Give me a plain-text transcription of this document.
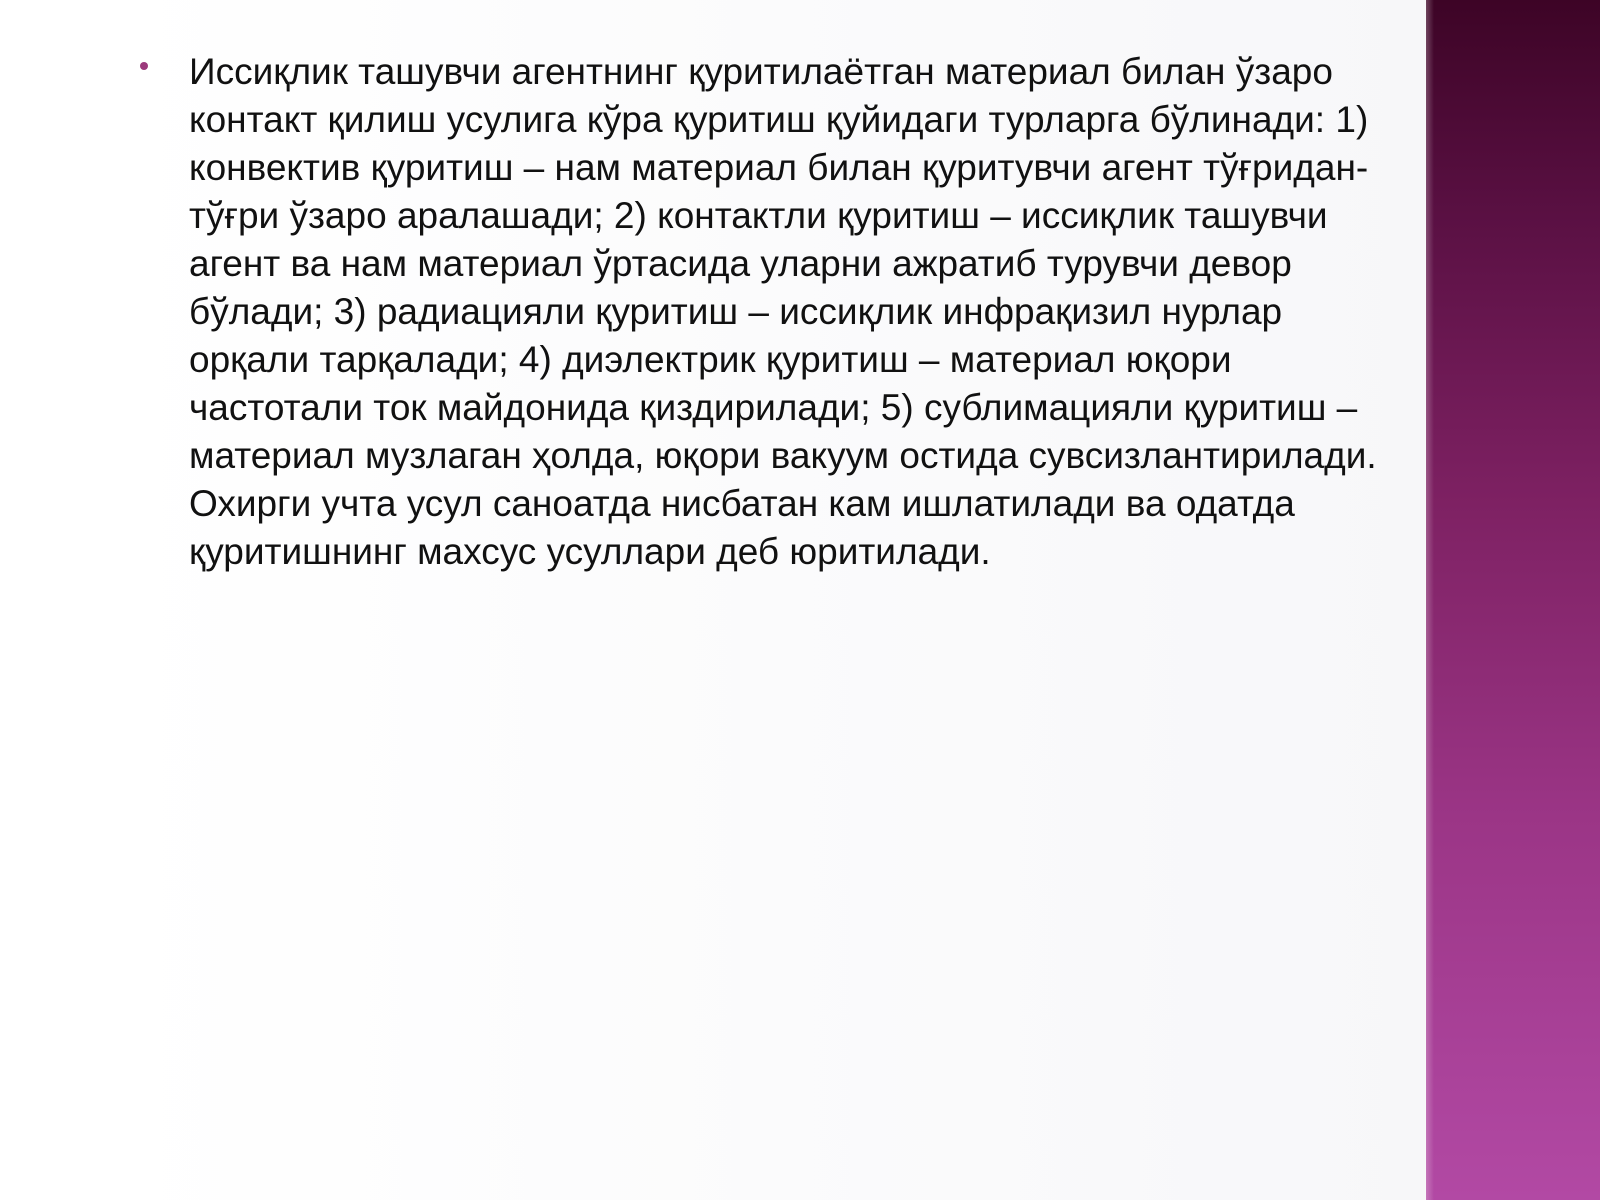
Иссиқлик ташувчи агентнинг қуритилаётган материал билан ўзаро
контакт қилиш усулига кўра қуритиш қуйидаги турларга бўлинади: 1)
конвектив қуритиш – нам материал билан қуритувчи агент тўғридан-
тўғри ўзаро аралашади; 2) контактли қуритиш – иссиқлик ташувчи
агент ва нам материал ўртасида уларни ажратиб турувчи девор
бўлади; 3) радиацияли қуритиш – иссиқлик инфрақизил нурлар
орқали тарқалади; 4) диэлектрик қуритиш – материал юқори
частотали ток майдонида қиздирилади; 5) сублимацияли қуритиш –
материал музлаган ҳолда, юқори вакуум остида сувсизлантирилади.
Охирги учта усул саноатда нисбатан кам ишлатилади ва одатда
қуритишнинг махсус усуллари деб юритилади.
